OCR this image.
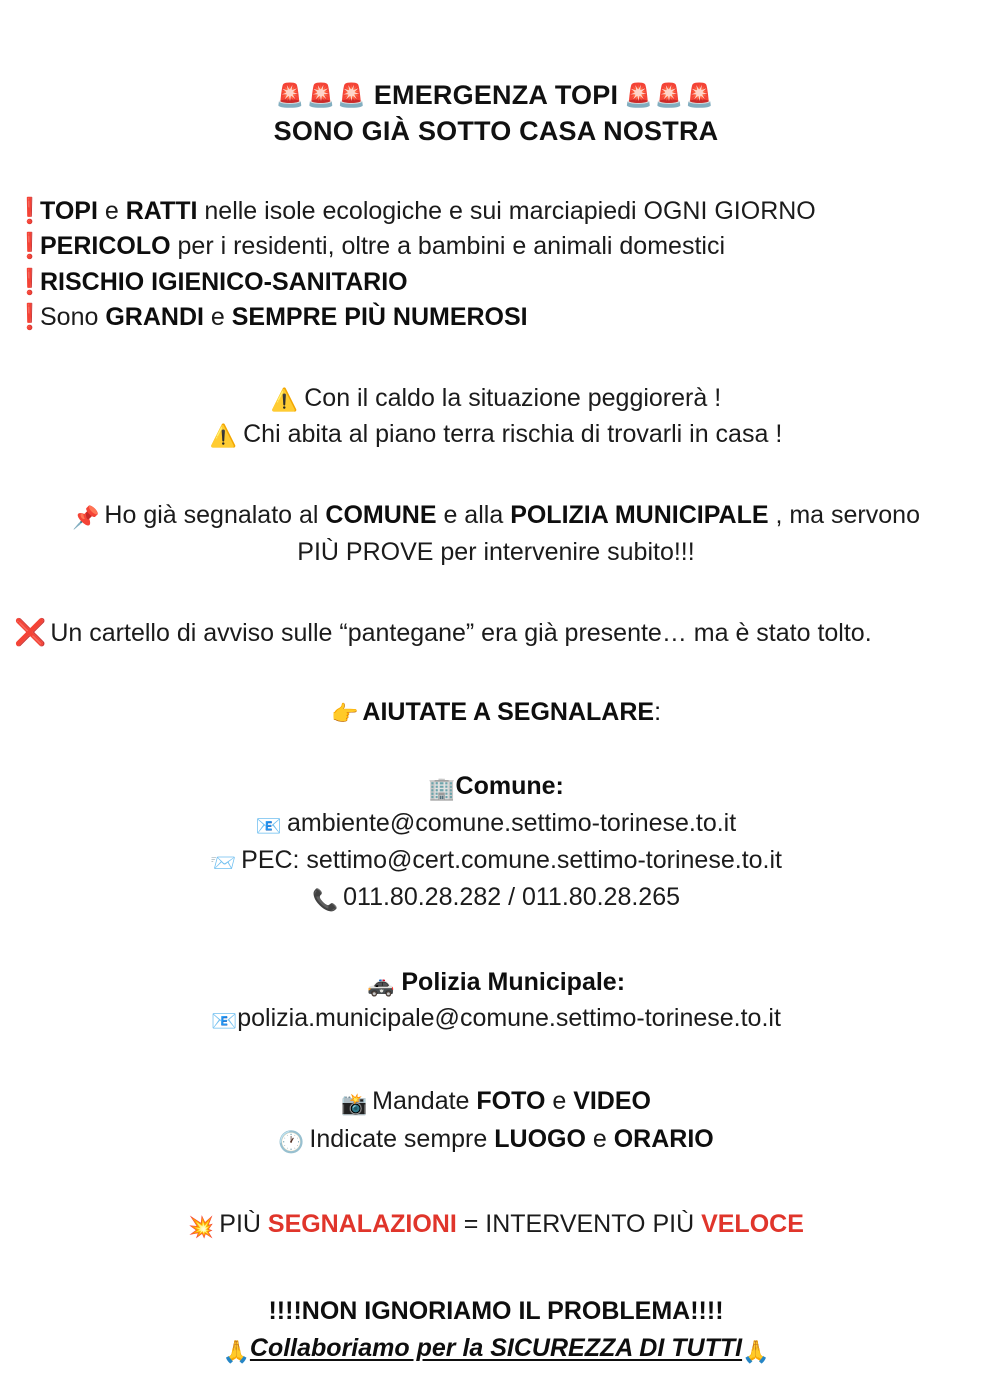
🚨🚨🚨 EMERGENZA TOPI 🚨🚨🚨
SONO GIÀ SOTTO CASA NOSTRA
❗
TOPI e RATTI nelle isole ecologiche e sui marciapiedi OGNI GIORNO
❗
PERICOLO per i residenti, oltre a bambini e animali domestici
❗
RISCHIO IGIENICO-SANITARIO
❗
Sono GRANDI e SEMPRE PIÙ NUMEROSI
⚠️ Con il caldo la situazione peggiorerà !
⚠️ Chi abita al piano terra rischia di trovarli in casa !
📌 Ho già segnalato al COMUNE e alla POLIZIA MUNICIPALE , ma servono
PIÙ PROVE per intervenire subito!!!
❌ Un cartello di avviso sulle “pantegane” era già presente… ma è stato tolto.
👉 AIUTATE A SEGNALARE:
🏢Comune:
📧 ambiente@comune.settimo-torinese.to.it
📨 PEC: settimo@cert.comune.settimo-torinese.to.it
📞 011.80.28.282 / 011.80.28.265
🚓 Polizia Municipale:
📧polizia.municipale@comune.settimo-torinese.to.it
📸 Mandate FOTO e VIDEO
🕐 Indicate sempre LUOGO e ORARIO
💥 PIÙ SEGNALAZIONI = INTERVENTO PIÙ VELOCE
!!!!NON IGNORIAMO IL PROBLEMA!!!!
🙏Collaboriamo per la SICUREZZA DI TUTTI🙏
